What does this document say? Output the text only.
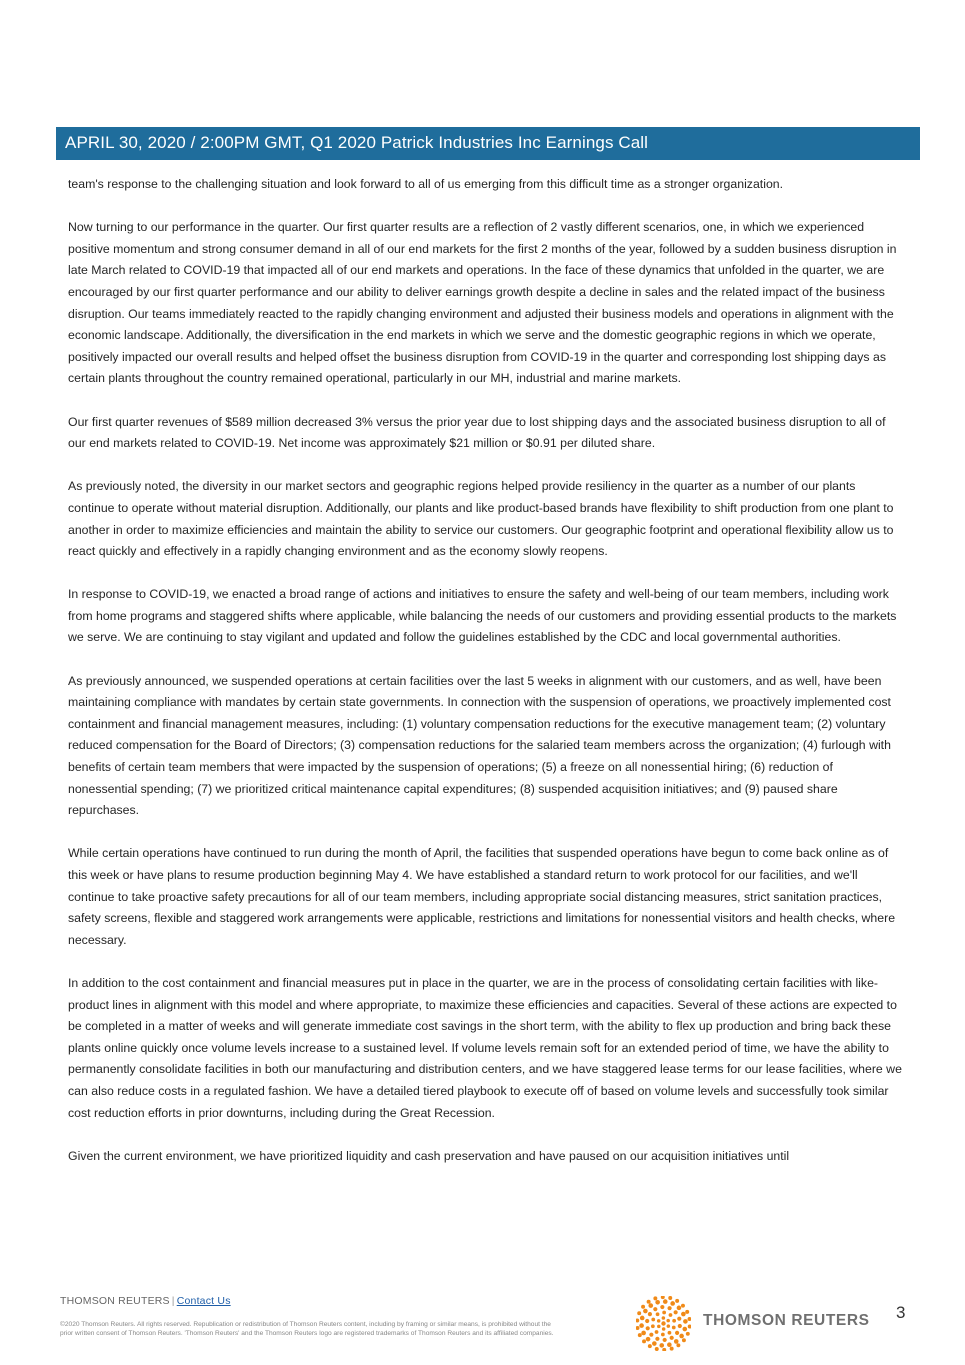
APRIL 30, 2020 / 2:00PM GMT, Q1 2020 Patrick Industries Inc Earnings Call

team's response to the challenging situation and look forward to all of us emerging from this difficult time as a stronger organization.

Now turning to our performance in the quarter. Our first quarter results are a reflection of 2 vastly different scenarios, one, in which we experienced positive momentum and strong consumer demand in all of our end markets for the first 2 months of the year, followed by a sudden business disruption in late March related to COVID-19 that impacted all of our end markets and operations. In the face of these dynamics that unfolded in the quarter, we are encouraged by our first quarter performance and our ability to deliver earnings growth despite a decline in sales and the related impact of the business disruption. Our teams immediately reacted to the rapidly changing environment and adjusted their business models and operations in alignment with the economic landscape. Additionally, the diversification in the end markets in which we serve and the domestic geographic regions in which we operate, positively impacted our overall results and helped offset the business disruption from COVID-19 in the quarter and corresponding lost shipping days as certain plants throughout the country remained operational, particularly in our MH, industrial and marine markets.

Our first quarter revenues of $589 million decreased 3% versus the prior year due to lost shipping days and the associated business disruption to all of our end markets related to COVID-19. Net income was approximately $21 million or $0.91 per diluted share.

As previously noted, the diversity in our market sectors and geographic regions helped provide resiliency in the quarter as a number of our plants continue to operate without material disruption. Additionally, our plants and like product-based brands have flexibility to shift production from one plant to another in order to maximize efficiencies and maintain the ability to service our customers. Our geographic footprint and operational flexibility allow us to react quickly and effectively in a rapidly changing environment and as the economy slowly reopens.

In response to COVID-19, we enacted a broad range of actions and initiatives to ensure the safety and well-being of our team members, including work from home programs and staggered shifts where applicable, while balancing the needs of our customers and providing essential products to the markets we serve. We are continuing to stay vigilant and updated and follow the guidelines established by the CDC and local governmental authorities.

As previously announced, we suspended operations at certain facilities over the last 5 weeks in alignment with our customers, and as well, have been maintaining compliance with mandates by certain state governments. In connection with the suspension of operations, we proactively implemented cost containment and financial management measures, including: (1) voluntary compensation reductions for the executive management team; (2) voluntary reduced compensation for the Board of Directors; (3) compensation reductions for the salaried team members across the organization; (4) furlough with benefits of certain team members that were impacted by the suspension of operations; (5) a freeze on all nonessential hiring; (6) reduction of nonessential spending; (7) we prioritized critical maintenance capital expenditures; (8) suspended acquisition initiatives; and (9) paused share repurchases.

While certain operations have continued to run during the month of April, the facilities that suspended operations have begun to come back online as of this week or have plans to resume production beginning May 4. We have established a standard return to work protocol for our facilities, and we'll continue to take proactive safety precautions for all of our team members, including appropriate social distancing measures, strict sanitation practices, safety screens, flexible and staggered work arrangements were applicable, restrictions and limitations for nonessential visitors and health checks, where necessary.

In addition to the cost containment and financial measures put in place in the quarter, we are in the process of consolidating certain facilities with like-product lines in alignment with this model and where appropriate, to maximize these efficiencies and capacities. Several of these actions are expected to be completed in a matter of weeks and will generate immediate cost savings in the short term, with the ability to flex up production and bring back these plants online quickly once volume levels increase to a sustained level. If volume levels remain soft for an extended period of time, we have the ability to permanently consolidate facilities in both our manufacturing and distribution centers, and we have staggered lease terms for our lease facilities, where we can also reduce costs in a regulated fashion. We have a detailed tiered playbook to execute off of based on volume levels and successfully took similar cost reduction efforts in prior downturns, including during the Great Recession.

Given the current environment, we have prioritized liquidity and cash preservation and have paused on our acquisition initiatives until

THOMSON REUTERS | Contact Us
©2020 Thomson Reuters. All rights reserved. Republication or redistribution of Thomson Reuters content, including by framing or similar means, is prohibited without the prior written consent of Thomson Reuters. 'Thomson Reuters' and the Thomson Reuters logo are registered trademarks of Thomson Reuters and its affiliated companies.
THOMSON REUTERS 3
